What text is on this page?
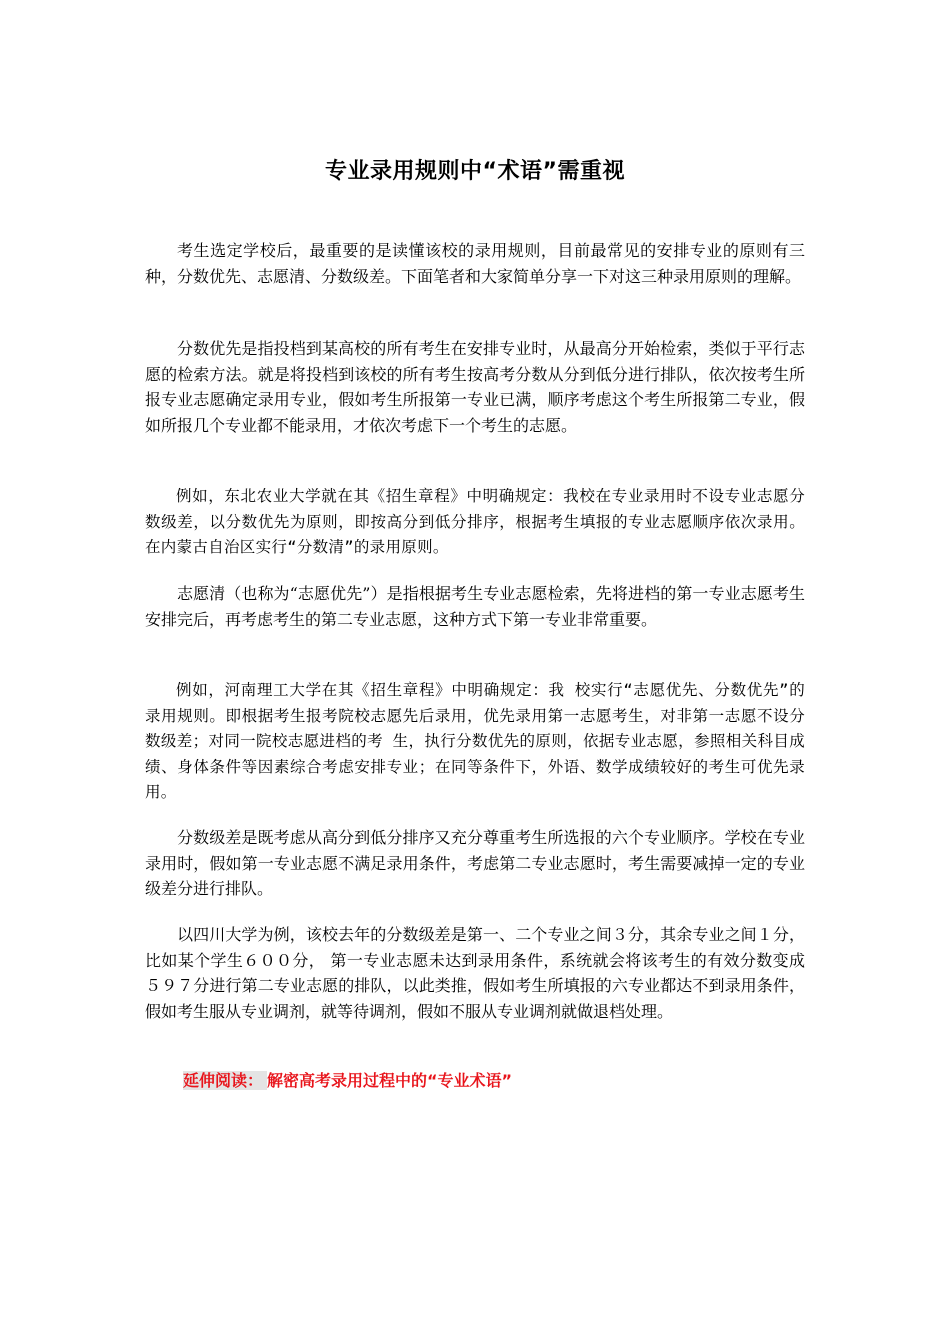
专业录用规则中“术语”需重视

考生选定学校后，最重要的是读懂该校的录用规则，目前最常见的安排专业的原则有三种，分数优先、志愿清、分数级差。下面笔者和大家简单分享一下对这三种录用原则的理解。

分数优先是指投档到某高校的所有考生在安排专业时，从最高分开始检索，类似于平行志愿的检索方法。就是将投档到该校的所有考生按高考分数从分到低分进行排队，依次按考生所报专业志愿确定录用专业，假如考生所报第一专业已满，顺序考虑这个考生所报第二专业，假如所报几个专业都不能录用，才依次考虑下一个考生的志愿。

例如，东北农业大学就在其《招生章程》中明确规定：我校在专业录用时不设专业志愿分数级差，以分数优先为原则，即按高分到低分排序，根据考生填报的专业志愿顺序依次录用。在内蒙古自治区实行“分数清”的录用原则。

志愿清（也称为“志愿优先”）是指根据考生专业志愿检索，先将进档的第一专业志愿考生安排完后，再考虑考生的第二专业志愿，这种方式下第一专业非常重要。

例如，河南理工大学在其《招生章程》中明确规定：我 校实行“志愿优先、分数优先”的录用规则。即根据考生报考院校志愿先后录用，优先录用第一志愿考生，对非第一志愿不设分数级差；对同一院校志愿进档的考 生，执行分数优先的原则，依据专业志愿，参照相关科目成绩、身体条件等因素综合考虑安排专业；在同等条件下，外语、数学成绩较好的考生可优先录用。

分数级差是既考虑从高分到低分排序又充分尊重考生所选报的六个专业顺序。学校在专业录用时，假如第一专业志愿不满足录用条件，考虑第二专业志愿时，考生需要减掉一定的专业级差分进行排队。

以四川大学为例，该校去年的分数级差是第一、二个专业之间３分，其余专业之间１分，比如某个学生６００分， 第一专业志愿未达到录用条件，系统就会将该考生的有效分数变成５９７分进行第二专业志愿的排队，以此类推，假如考生所填报的六专业都达不到录用条件，假如考生服从专业调剂，就等待调剂，假如不服从专业调剂就做退档处理。

延伸阅读： 解密高考录用过程中的“专业术语”
